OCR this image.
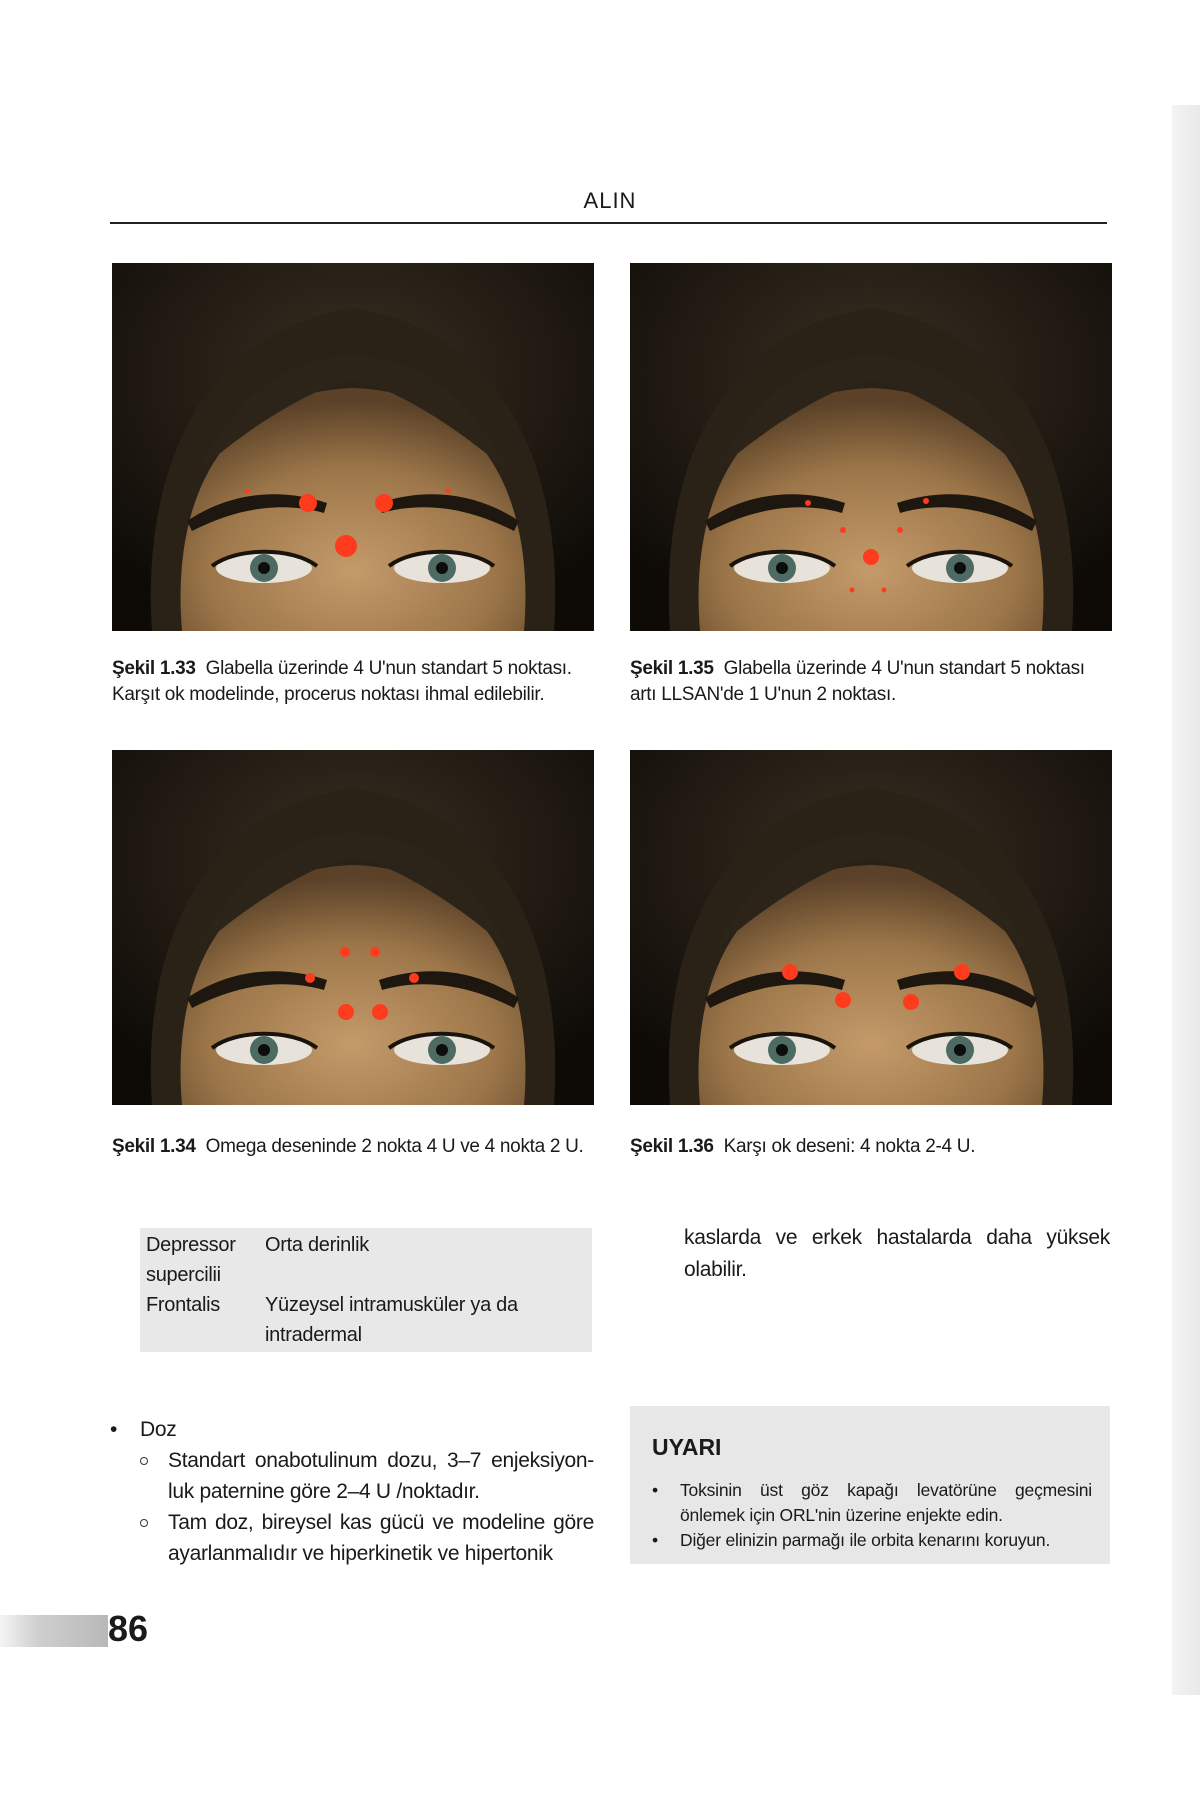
ALIN
Şekil 1.33 Glabella üzerinde 4 U'nun standart 5 noktası. Karşıt ok modelinde, procerus noktası ihmal edilebilir.
Şekil 1.35 Glabella üzerinde 4 U'nun standart 5 noktası artı LLSAN'de 1 U'nun 2 noktası.
Şekil 1.34 Omega deseninde 2 nokta 4 U ve 4 nokta 2 U.	Şekil 1.36 Karşı ok deseni: 4 nokta 2-4 U.
Depressor supercilii
Orta derinlik
Frontalis	Yüzeysel intramusküler ya da intradermal
kaslarda ve erkek hastalarda daha yüksek olabilir.
• Doz
Standart onabotulinum dozu, 3–7 enjeksiyon-luk paternine göre 2–4 U /noktadır.
Tam doz, bireysel kas gücü ve modeline göre ayarlanmalıdır ve hiperkinetik ve hipertonik
UYARI
• Toksinin üst göz kapağı levatörüne geçmesini önlemek için ORL'nin üzerine enjekte edin.
• Diğer elinizin parmağı ile orbita kenarını koruyun.
86
